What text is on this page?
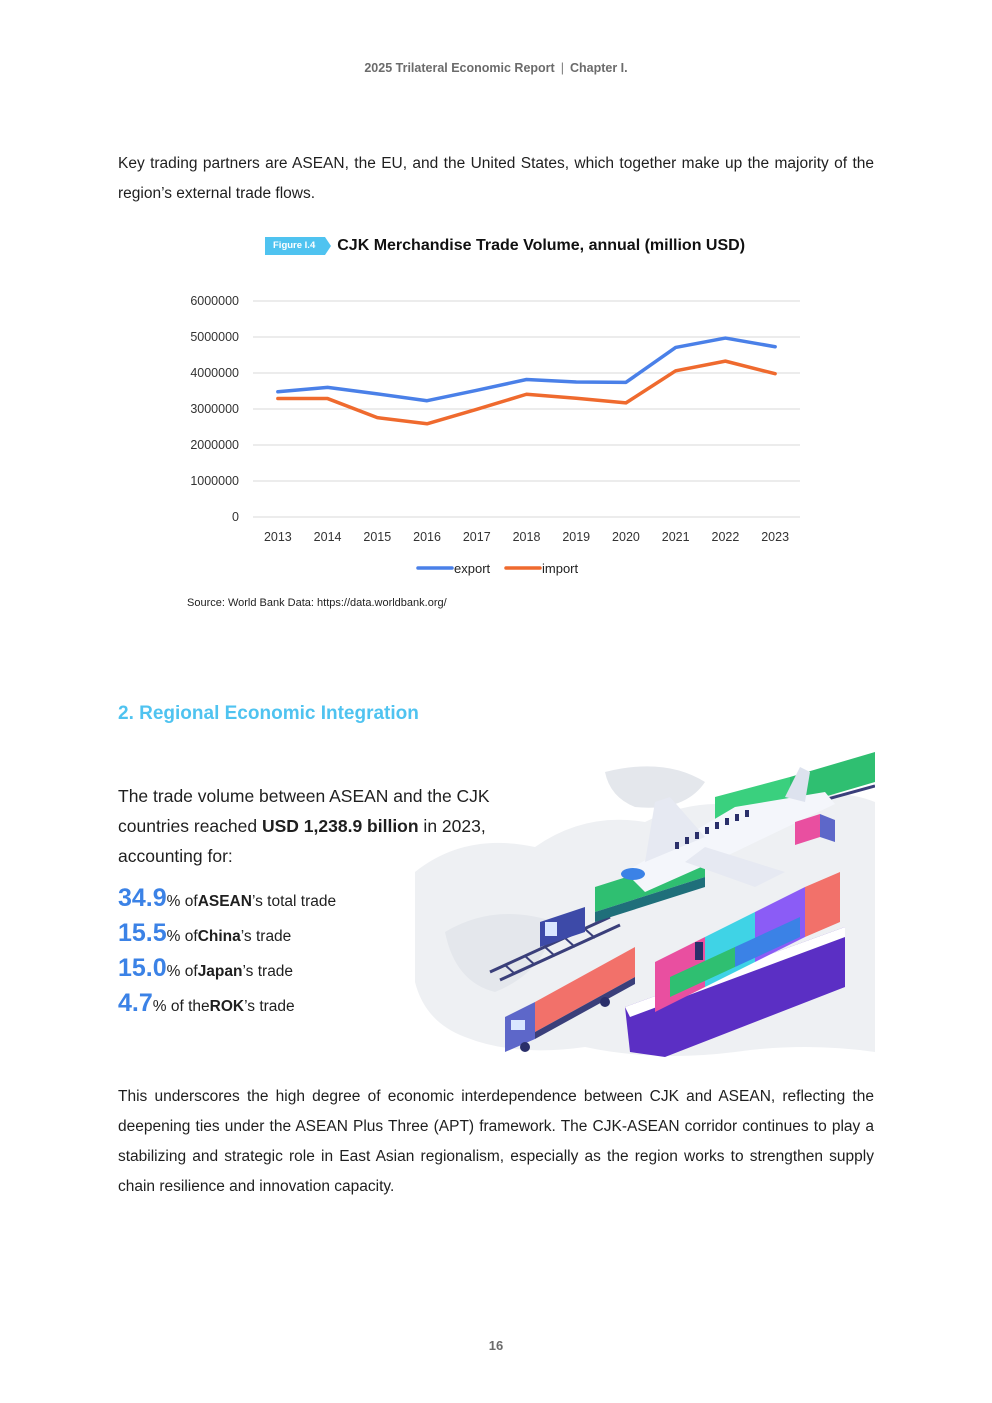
2025 Trilateral Economic Report | Chapter I.

Key trading partners are ASEAN, the EU, and the United States, which together make up the majority of the region’s external trade flows.

Figure I.4	CJK Merchandise Trade Volume, annual (million USD)
0
1000000
2000000
3000000
4000000
5000000
6000000
2013 2014 2015 2016 2017 2018 2019 2020 2021 2022 2023
export	import
Source: World Bank Data: https://data.worldbank.org/
2. Regional Economic Integration

The trade volume between ASEAN and the CJK countries reached USD 1,238.9 billion in 2023, accounting for:

34.9 % of ASEAN ’s total trade
15.5 % of China ’s trade
15.0 % of Japan ’s trade
4.7 % of the ROK ’s trade

This underscores the high degree of economic interdependence between CJK and ASEAN, reflecting the deepening ties under the ASEAN Plus Three (APT) framework. The CJK-ASEAN corridor continues to play a stabilizing and strategic role in East Asian regionalism, especially as the region works to strengthen supply chain resilience and innovation capacity.

16
